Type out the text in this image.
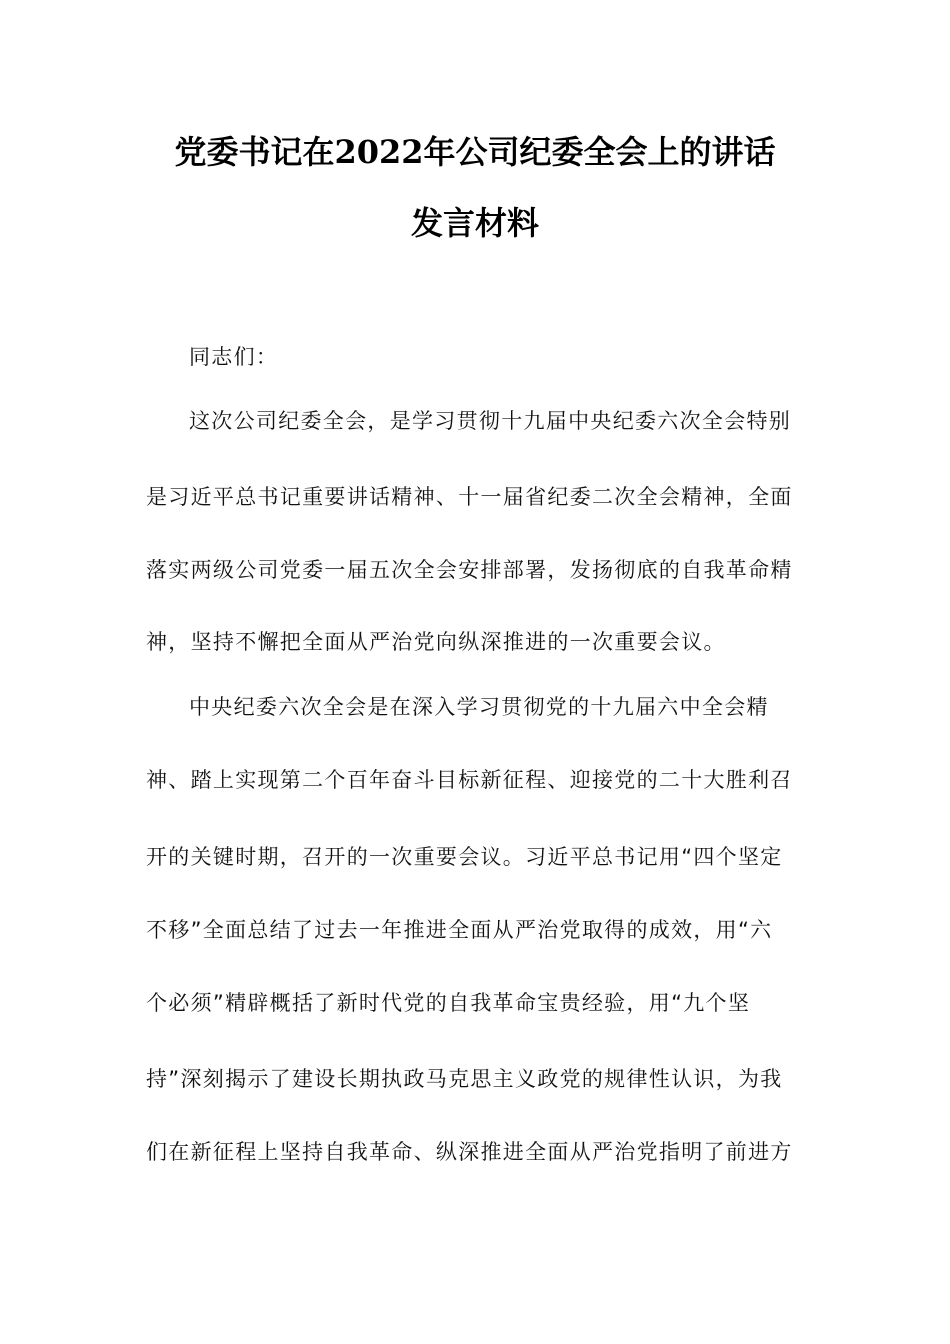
党委书记在2022年公司纪委全会上的讲话
发言材料
同志们：
这次公司纪委全会，是学习贯彻十九届中央纪委六次全会特别
是习近平总书记重要讲话精神、十一届省纪委二次全会精神，全面
落实两级公司党委一届五次全会安排部署，发扬彻底的自我革命精
神，坚持不懈把全面从严治党向纵深推进的一次重要会议。
中央纪委六次全会是在深入学习贯彻党的十九届六中全会精
神、踏上实现第二个百年奋斗目标新征程、迎接党的二十大胜利召
开的关键时期，召开的一次重要会议。习近平总书记用“四个坚定
不移”全面总结了过去一年推进全面从严治党取得的成效，用“六
个必须”精辟概括了新时代党的自我革命宝贵经验，用“九个坚
持”深刻揭示了建设长期执政马克思主义政党的规律性认识，为我
们在新征程上坚持自我革命、纵深推进全面从严治党指明了前进方
